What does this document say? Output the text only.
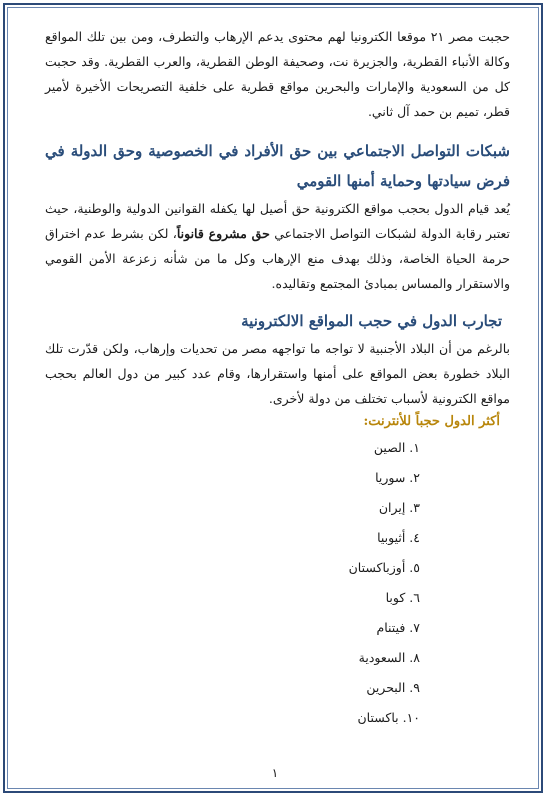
حجبت مصر ٢١ موقعا الكترونيا لهم محتوى يدعم الإرهاب والتطرف، ومن بين تلك المواقع وكالة الأنباء القطرية، والجزيرة نت، وصحيفة الوطن القطرية، والعرب القطرية. وقد حجبت كل من السعودية والإمارات والبحرين مواقع قطرية على خلفية التصريحات الأخيرة لأمير قطر، تميم بن حمد آل ثاني.

شبكات التواصل الاجتماعي بين حق الأفراد في الخصوصية وحق الدولة في فرض سيادتها وحماية أمنها القومي

يُعد قيام الدول بحجب مواقع الكترونية حق أصيل لها يكفله القوانين الدولية والوطنية، حيث تعتبر رقابة الدولة لشبكات التواصل الاجتماعي حق مشروع قانوناً، لكن بشرط عدم اختراق حرمة الحياة الخاصة، وذلك بهدف منع الإرهاب وكل ما من شأنه زعزعة الأمن القومي والاستقرار والمساس بمبادئ المجتمع وتقاليده.

تجارب الدول في حجب المواقع الالكترونية

بالرغم من أن البلاد الأجنبية لا تواجه ما تواجهه مصر من تحديات وإرهاب، ولكن قدّرت تلك البلاد خطورة بعض المواقع على أمنها واستقرارها، وقام عدد كبير من دول العالم بحجب مواقع الكترونية لأسباب تختلف من دولة لأخرى.

أكثر الدول حجباً للأنترنت:
١. الصين
٢. سوريا
٣. إيران
٤. أثيوبيا
٥. أوزباكستان
٦. كوبا
٧. فيتنام
٨. السعودية
٩. البحرين
١٠. باكستان
١
